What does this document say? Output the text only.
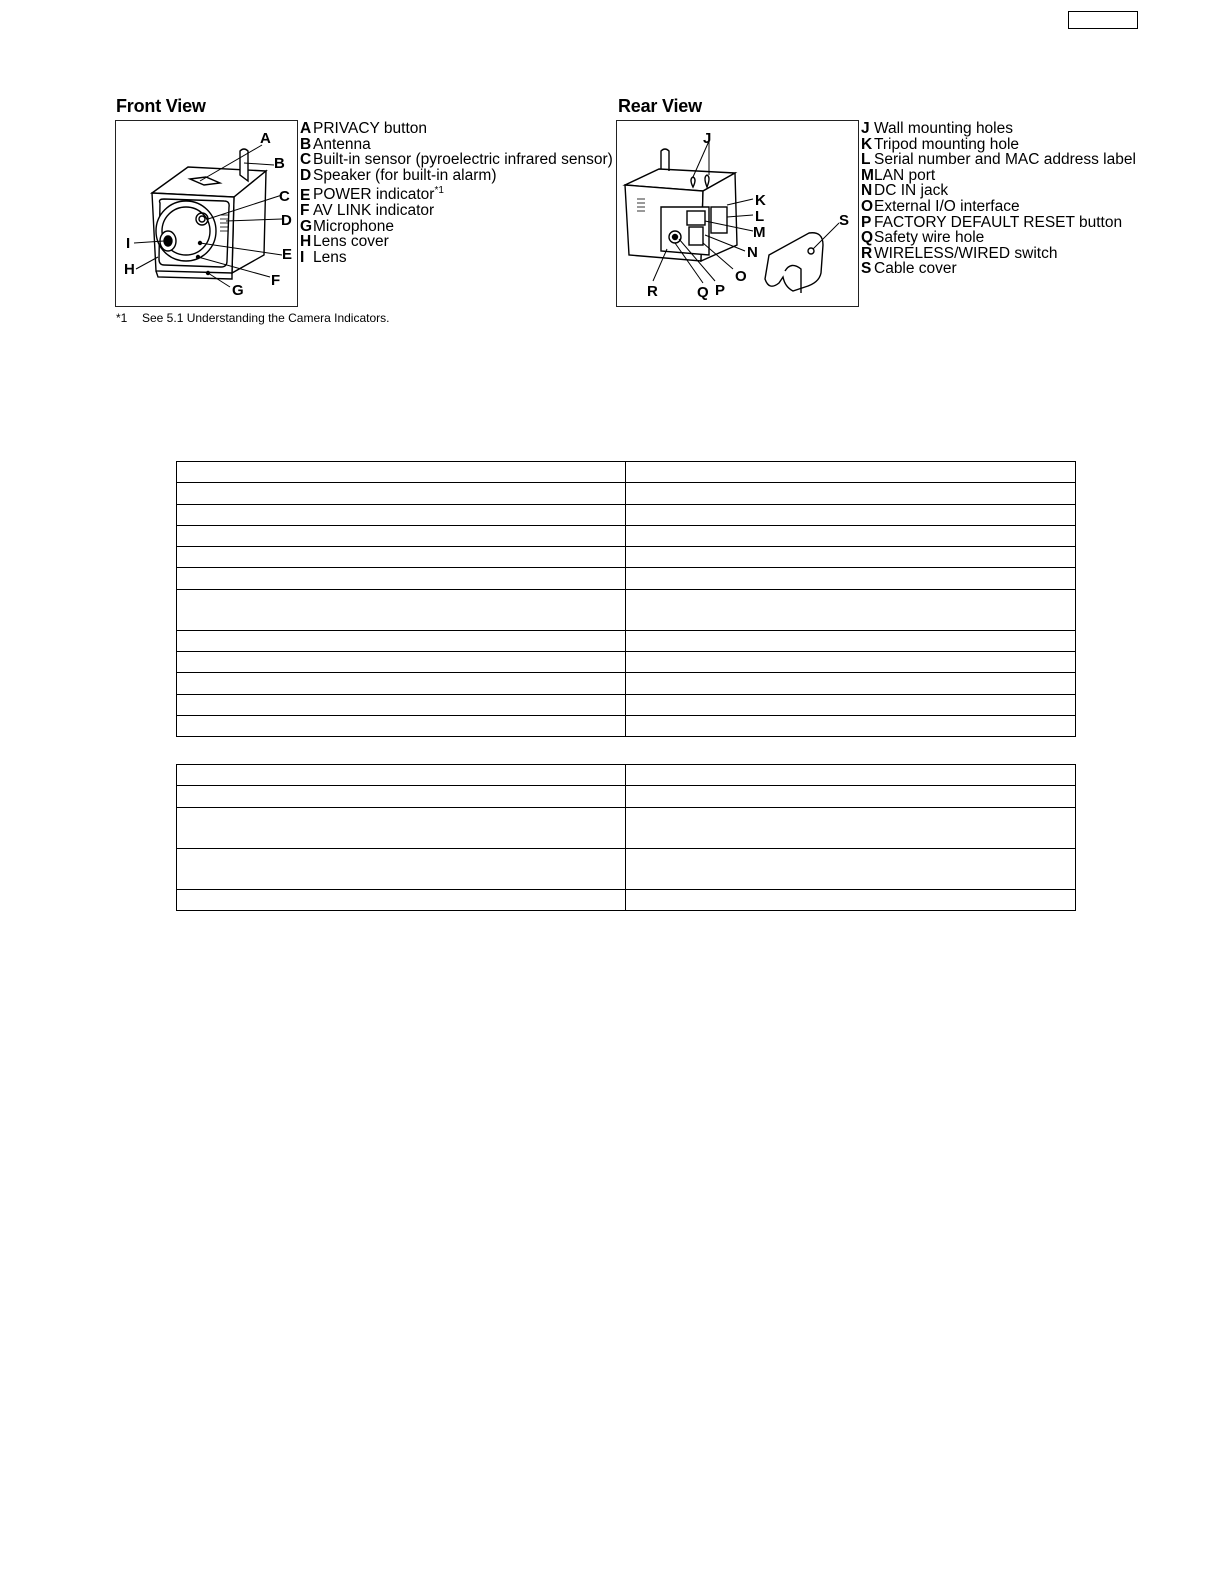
Front View
A
B
C
D
E
F
G
H
I
A PRIVACY button
B Antenna
C Built-in sensor (pyroelectric infrared sensor)
D Speaker (for built-in alarm)
E POWER indicator$^{*1}$
F AV LINK indicator
GMicrophone
H Lens cover
I Lens
Rear View
J
K
L
M
N
O
P
Q
R
S
J Wall mounting holes
K Tripod mounting hole
L Serial number and MAC address label
MLAN port
N DC IN jack
OExternal I/O interface
P FACTORY DEFAULT RESET button
QSafety wire hole
R WIRELESS/WIRED switch
S Cable cover
*1 See 5.1 Understanding the Camera Indicators.
